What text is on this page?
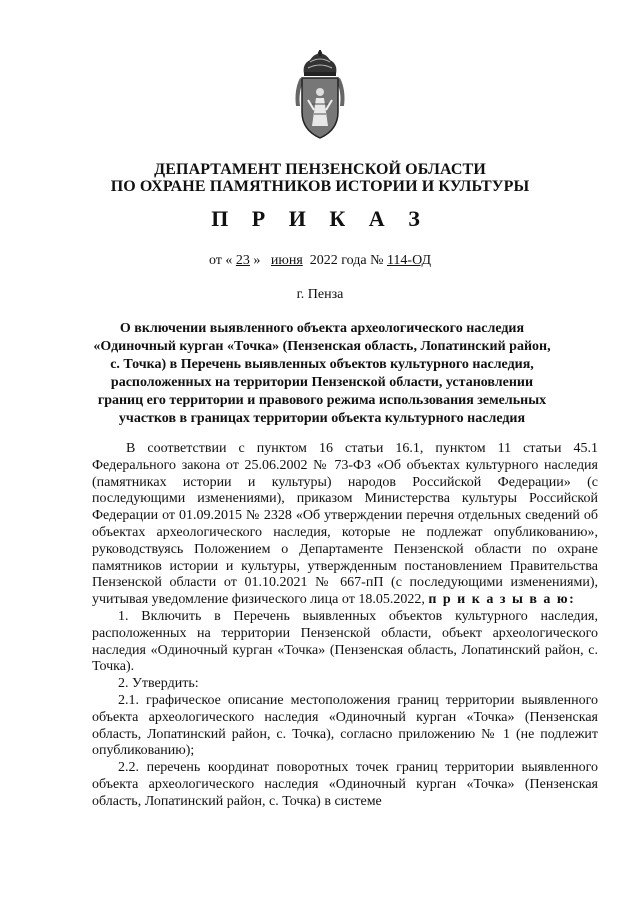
ДЕПАРТАМЕНТ ПЕНЗЕНСКОЙ ОБЛАСТИ
ПО ОХРАНЕ ПАМЯТНИКОВ ИСТОРИИ И КУЛЬТУРЫ
П Р И К А З
от « 23 » июня 2022 года № 114-ОД
г. Пенза
О включении выявленного объекта археологического наследия «Одиночный курган «Точка» (Пензенская область, Лопатинский район, с. Точка) в Перечень выявленных объектов культурного наследия, расположенных на территории Пензенской области, установлении границ его территории и правового режима использования земельных участков в границах территории объекта культурного наследия

В соответствии с пунктом 16 статьи 16.1, пунктом 11 статьи 45.1 Федерального закона от 25.06.2002 № 73-ФЗ «Об объектах культурного наследия (памятниках истории и культуры) народов Российской Федерации» (с последующими изменениями), приказом Министерства культуры Российской Федерации от 01.09.2015 № 2328 «Об утверждении перечня отдельных сведений об объектах археологического наследия, которые не подлежат опубликованию», руководствуясь Положением о Департаменте Пензенской области по охране памятников истории и культуры, утвержденным постановлением Правительства Пензенской области от 01.10.2021 № 667-пП (с последующими изменениями), учитывая уведомление физического лица от 18.05.2022, п р и к а з ы в а ю:

1. Включить в Перечень выявленных объектов культурного наследия, расположенных на территории Пензенской области, объект археологического наследия «Одиночный курган «Точка» (Пензенская область, Лопатинский район, с. Точка).

2. Утвердить:

2.1. графическое описание местоположения границ территории выявленного объекта археологического наследия «Одиночный курган «Точка» (Пензенская область, Лопатинский район, с. Точка), согласно приложению № 1 (не подлежит опубликованию);

2.2. перечень координат поворотных точек границ территории выявленного объекта археологического наследия «Одиночный курган «Точка» (Пензенская область, Лопатинский район, с. Точка) в системе
